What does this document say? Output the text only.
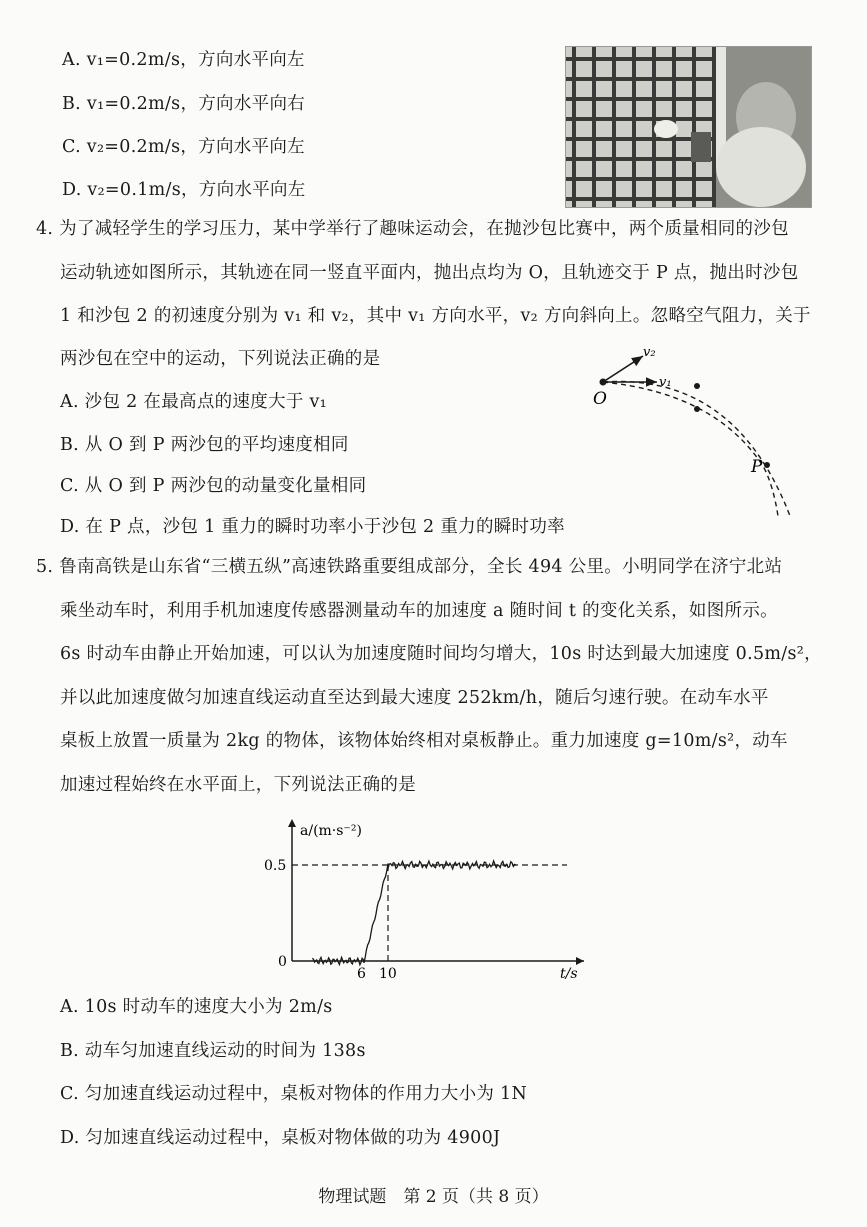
A. v₁=0.2m/s，方向水平向左
B. v₁=0.2m/s，方向水平向右
C. v₂=0.2m/s，方向水平向左
D. v₂=0.1m/s，方向水平向左
4. 为了减轻学生的学习压力，某中学举行了趣味运动会，在抛沙包比赛中，两个质量相同的沙包
运动轨迹如图所示，其轨迹在同一竖直平面内，抛出点均为 O，且轨迹交于 P 点，抛出时沙包
1 和沙包 2 的初速度分别为 v₁ 和 v₂，其中 v₁ 方向水平，v₂ 方向斜向上。忽略空气阻力，关于
两沙包在空中的运动，下列说法正确的是
A. 沙包 2 在最高点的速度大于 v₁
B. 从 O 到 P 两沙包的平均速度相同
C. 从 O 到 P 两沙包的动量变化量相同
D. 在 P 点，沙包 1 重力的瞬时功率小于沙包 2 重力的瞬时功率
O
P
v₁
v₂
5. 鲁南高铁是山东省“三横五纵”高速铁路重要组成部分，全长 494 公里。小明同学在济宁北站
乘坐动车时，利用手机加速度传感器测量动车的加速度 a 随时间 t 的变化关系，如图所示。
6s 时动车由静止开始加速，可以认为加速度随时间均匀增大，10s 时达到最大加速度 0.5m/s²，
并以此加速度做匀加速直线运动直至达到最大速度 252km/h，随后匀速行驶。在动车水平
桌板上放置一质量为 2kg 的物体，该物体始终相对桌板静止。重力加速度 g=10m/s²，动车
加速过程始终在水平面上，下列说法正确的是
a/(m·s⁻²)
t/s
0.5
0
6 10
A. 10s 时动车的速度大小为 2m/s
B. 动车匀加速直线运动的时间为 138s
C. 匀加速直线运动过程中，桌板对物体的作用力大小为 1N
D. 匀加速直线运动过程中，桌板对物体做的功为 4900J
物理试题　第 2 页（共 8 页）
